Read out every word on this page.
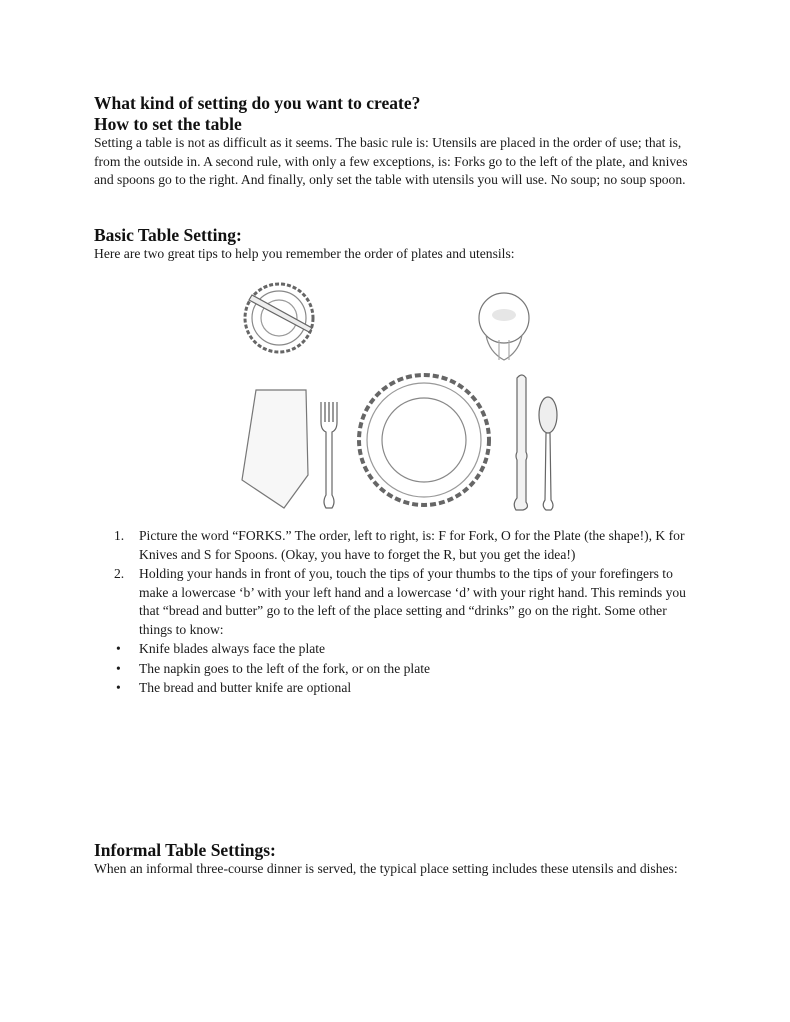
What kind of setting do you want to create?
How to set the table

Setting a table is not as difficult as it seems. The basic rule is: Utensils are placed in the order of use; that is, from the outside in. A second rule, with only a few exceptions, is: Forks go to the left of the plate, and knives and spoons go to the right. And finally, only set the table with utensils you will use. No soup; no soup spoon.

Basic Table Setting:

Here are two great tips to help you remember the order of plates and utensils:

1. Picture the word “FORKS.” The order, left to right, is: F for Fork, O for the Plate (the shape!), K for Knives and S for Spoons. (Okay, you have to forget the R, but you get the idea!)
2. Holding your hands in front of you, touch the tips of your thumbs to the tips of your forefingers to make a lowercase ‘b’ with your left hand and a lowercase ‘d’ with your right hand. This reminds you that “bread and butter” go to the left of the place setting and “drinks” go on the right. Some other things to know:
• Knife blades always face the plate
• The napkin goes to the left of the fork, or on the plate
• The bread and butter knife are optional
Informal Table Settings:

When an informal three-course dinner is served, the typical place setting includes these utensils and dishes:
